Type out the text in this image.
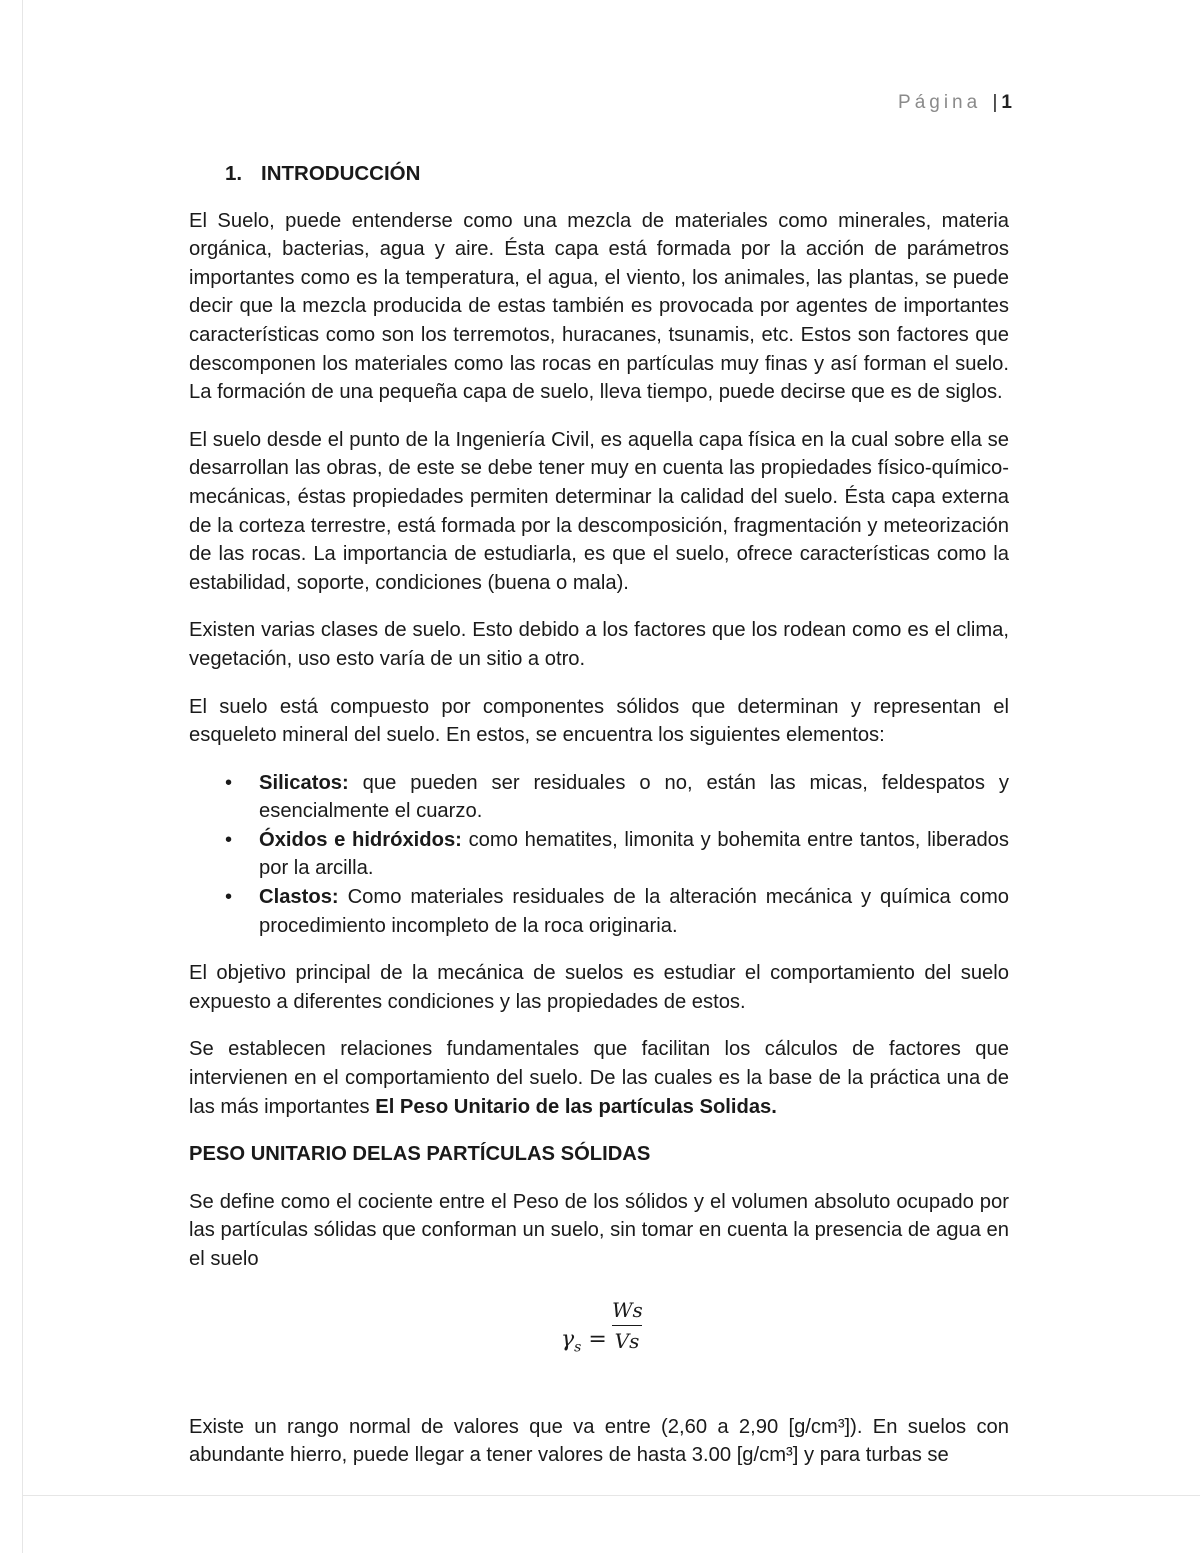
Página | 1
1. INTRODUCCIÓN

El Suelo, puede entenderse como una mezcla de materiales como minerales, materia orgánica, bacterias, agua y aire. Ésta capa está formada por la acción de parámetros importantes como es la temperatura, el agua, el viento, los animales, las plantas, se puede decir que la mezcla producida de estas también es provocada por agentes de importantes características como son los terremotos, huracanes, tsunamis, etc. Estos son factores que descomponen los materiales como las rocas en partículas muy finas y así forman el suelo. La formación de una pequeña capa de suelo, lleva tiempo, puede decirse que es de siglos.

El suelo desde el punto de la Ingeniería Civil, es aquella capa física en la cual sobre ella se desarrollan las obras, de este se debe tener muy en cuenta las propiedades físico-químico- mecánicas, éstas propiedades permiten determinar la calidad del suelo. Ésta capa externa de la corteza terrestre, está formada por la descomposición, fragmentación y meteorización de las rocas. La importancia de estudiarla, es que el suelo, ofrece características como la estabilidad, soporte, condiciones (buena o mala).

Existen varias clases de suelo. Esto debido a los factores que los rodean como es el clima, vegetación, uso esto varía de un sitio a otro.

El suelo está compuesto por componentes sólidos que determinan y representan el esqueleto mineral del suelo. En estos, se encuentra los siguientes elementos:

• Silicatos: que pueden ser residuales o no, están las micas, feldespatos y esencialmente el cuarzo.
• Óxidos e hidróxidos: como hematites, limonita y bohemita entre tantos, liberados por la arcilla.
• Clastos: Como materiales residuales de la alteración mecánica y química como procedimiento incompleto de la roca originaria.

El objetivo principal de la mecánica de suelos es estudiar el comportamiento del suelo expuesto a diferentes condiciones y las propiedades de estos.

Se establecen relaciones fundamentales que facilitan los cálculos de factores que intervienen en el comportamiento del suelo. De las cuales es la base de la práctica una de las más importantes El Peso Unitario de las partículas Solidas.

PESO UNITARIO DELAS PARTÍCULAS SÓLIDAS

Se define como el cociente entre el Peso de los sólidos y el volumen absoluto ocupado por las partículas sólidas que conforman un suelo, sin tomar en cuenta la presencia de agua en el suelo

$\gamma_s$ =
Ws
Vs

Existe un rango normal de valores que va entre (2,60 a 2,90 [g/cm³]). En suelos con abundante hierro, puede llegar a tener valores de hasta 3.00 [g/cm³] y para turbas se
